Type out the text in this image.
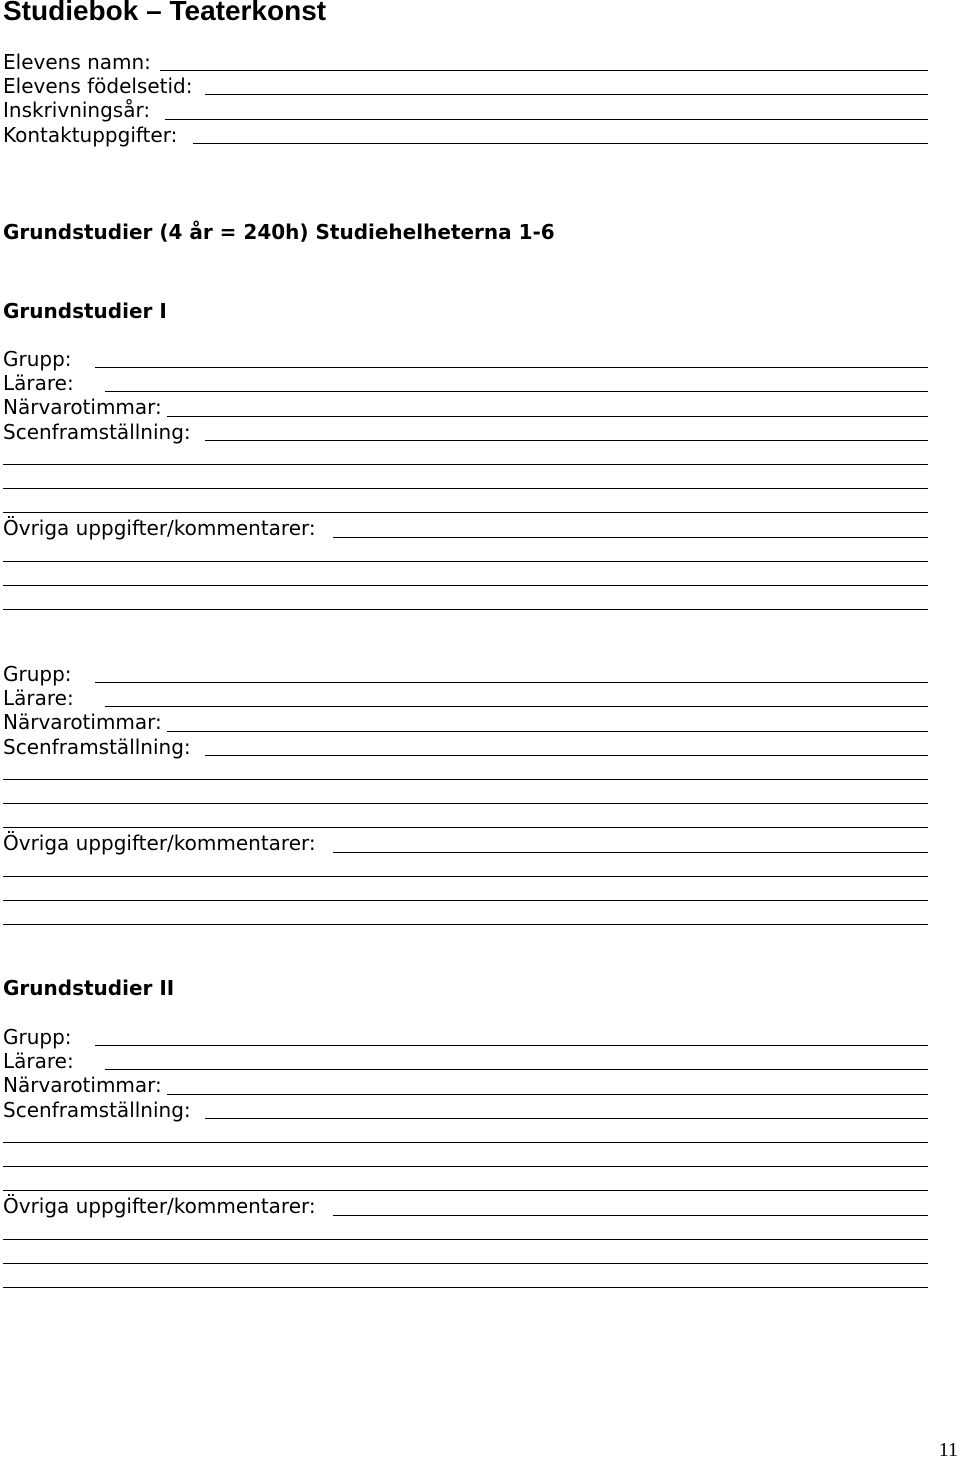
Studiebok – Teaterkonst
Elevens namn:
Elevens födelsetid:
Inskrivningsår:
Kontaktuppgifter:
Grundstudier (4 år = 240h) Studiehelheterna 1-6
Grundstudier I
Grupp:
Lärare:
Närvarotimmar:
Scenframställning:
Övriga uppgifter/kommentarer:
Grupp:
Lärare:
Närvarotimmar:
Scenframställning:
Övriga uppgifter/kommentarer:
Grundstudier II
Grupp:
Lärare:
Närvarotimmar:
Scenframställning:
Övriga uppgifter/kommentarer:
11
